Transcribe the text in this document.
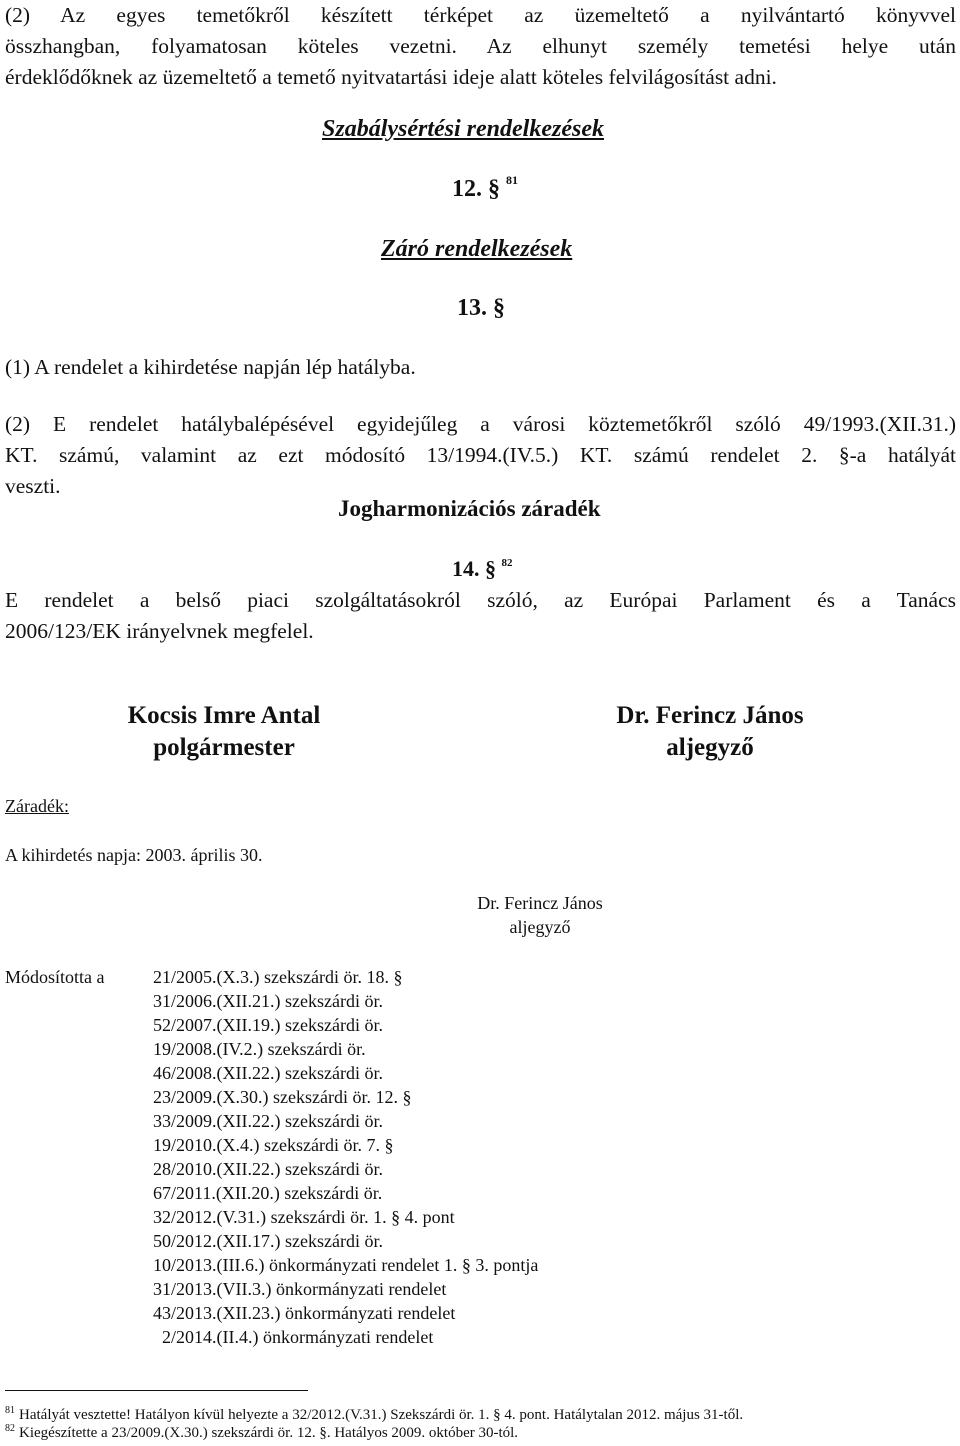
(2) Az egyes temetőkről készített térképet az üzemeltető a nyilvántartó könyvvel
összhangban, folyamatosan köteles vezetni. Az elhunyt személy temetési helye után
érdeklődőknek az üzemeltető a temető nyitvatartási ideje alatt köteles felvilágosítást adni.
Szabálysértési rendelkezések
12. § $^{81}$
Záró rendelkezések
13. §
(1) A rendelet a kihirdetése napján lép hatályba.
(2) E rendelet hatálybalépésével egyidejűleg a városi köztemetőkről szóló 49/1993.(XII.31.)
KT. számú, valamint az ezt módosító 13/1994.(IV.5.) KT. számú rendelet 2. §-a hatályát
veszti.
Jogharmonizációs záradék
14. § $^{82}$
E rendelet a belső piaci szolgáltatásokról szóló, az Európai Parlament és a Tanács
2006/123/EK irányelvnek megfelel.
Kocsis Imre Antal
polgármester
Dr. Ferincz János
aljegyző
Záradék:
A kihirdetés napja: 2003. április 30.
Dr. Ferincz János
aljegyző
Módosította a	21/2005.(X.3.) szekszárdi ör. 18. §
31/2006.(XII.21.) szekszárdi ör.
52/2007.(XII.19.) szekszárdi ör.
19/2008.(IV.2.) szekszárdi ör.
46/2008.(XII.22.) szekszárdi ör.
23/2009.(X.30.) szekszárdi ör. 12. §
33/2009.(XII.22.) szekszárdi ör.
19/2010.(X.4.) szekszárdi ör. 7. §
28/2010.(XII.22.) szekszárdi ör.
67/2011.(XII.20.) szekszárdi ör.
32/2012.(V.31.) szekszárdi ör. 1. § 4. pont
50/2012.(XII.17.) szekszárdi ör.
10/2013.(III.6.) önkormányzati rendelet 1. § 3. pontja
31/2013.(VII.3.) önkormányzati rendelet
43/2013.(XII.23.) önkormányzati rendelet
2/2014.(II.4.) önkormányzati rendelet
$^{81}$ Hatályát vesztette! Hatályon kívül helyezte a 32/2012.(V.31.) Szekszárdi ör. 1. § 4. pont. Hatálytalan 2012. május 31-től.
$^{82}$ Kiegészítette a 23/2009.(X.30.) szekszárdi ör. 12. §. Hatályos 2009. október 30-tól.
